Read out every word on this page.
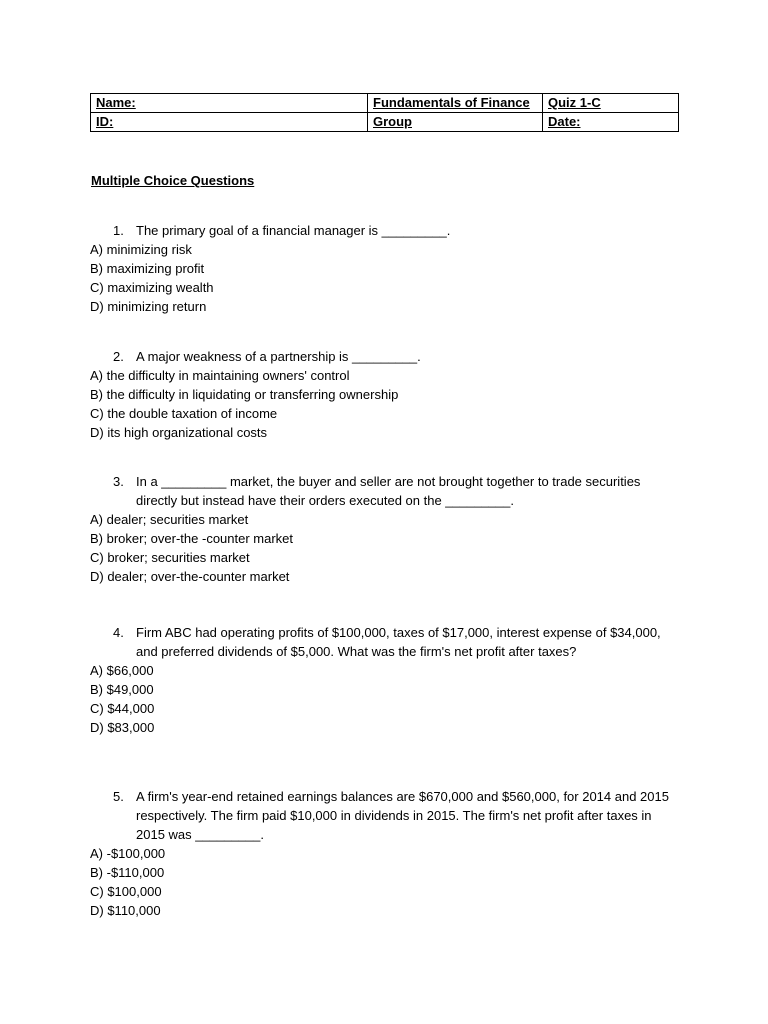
Name:	Fundamentals of Finance	Quiz 1-C
ID:	Group	Date:
Multiple Choice Questions
1. The primary goal of a financial manager is _________.
A) minimizing risk
B) maximizing profit
C) maximizing wealth
D) minimizing return
2. A major weakness of a partnership is _________.
A) the difficulty in maintaining owners' control
B) the difficulty in liquidating or transferring ownership
C) the double taxation of income
D) its high organizational costs
3. In a _________ market, the buyer and seller are not brought together to trade securities directly but instead have their orders executed on the _________.
A) dealer; securities market
B) broker; over-the -counter market
C) broker; securities market
D) dealer; over-the-counter market
4. Firm ABC had operating profits of $100,000, taxes of $17,000, interest expense of $34,000, and preferred dividends of $5,000. What was the firm's net profit after taxes?
A) $66,000
B) $49,000
C) $44,000
D) $83,000
5. A firm's year-end retained earnings balances are $670,000 and $560,000, for 2014 and 2015 respectively. The firm paid $10,000 in dividends in 2015. The firm's net profit after taxes in 2015 was _________.
A) -$100,000
B) -$110,000
C) $100,000
D) $110,000
